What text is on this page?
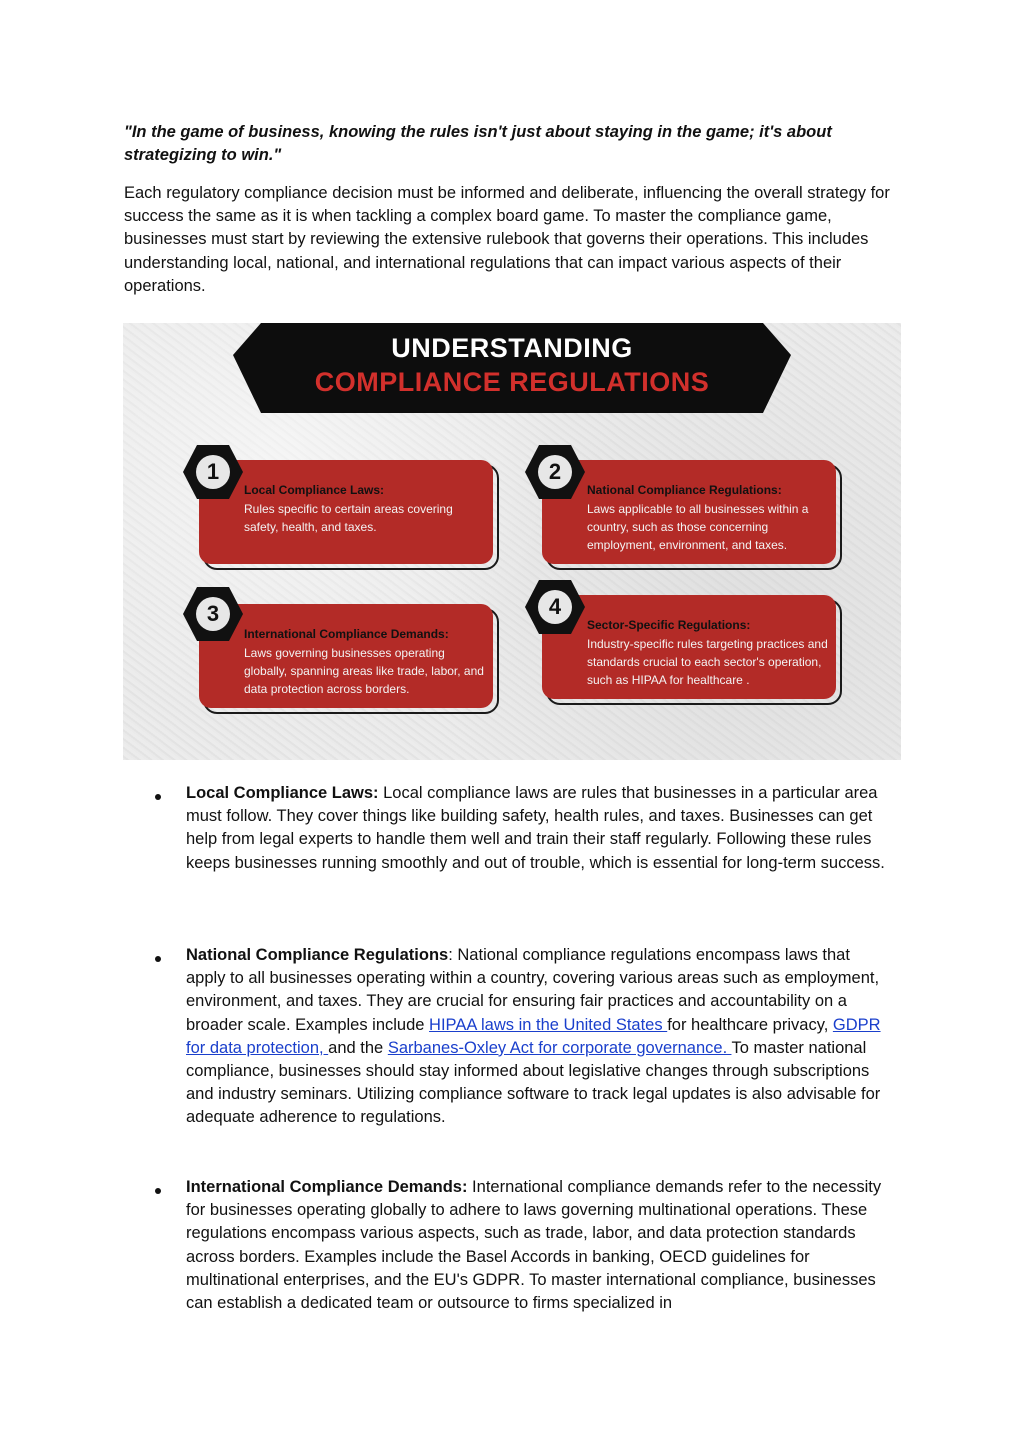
"In the game of business, knowing the rules isn't just about staying in the game; it's about strategizing to win."
Each regulatory compliance decision must be informed and deliberate, influencing the overall strategy for success the same as it is when tackling a complex board game. To master the compliance game, businesses must start by reviewing the extensive rulebook that governs their operations. This includes understanding local, national, and international regulations that can impact various aspects of their operations.
UNDERSTANDING
COMPLIANCE REGULATIONS
Local Compliance Laws:
Rules specific to certain areas covering safety, health, and taxes.
1
National Compliance Regulations:
Laws applicable to all businesses within a country, such as those concerning employment, environment, and taxes.
2
International Compliance Demands:
Laws governing businesses operating globally, spanning areas like trade, labor, and data protection across borders.
3	Sector-Specific Regulations:
Industry-specific rules targeting practices and standards crucial to each sector's operation, such as HIPAA for healthcare .
4
Local Compliance Laws: Local compliance laws are rules that businesses in a particular area must follow. They cover things like building safety, health rules, and taxes. Businesses can get help from legal experts to handle them well and train their staff regularly. Following these rules keeps businesses running smoothly and out of trouble, which is essential for long-term success.
National Compliance Regulations: National compliance regulations encompass laws that apply to all businesses operating within a country, covering various areas such as employment, environment, and taxes. They are crucial for ensuring fair practices and accountability on a broader scale. Examples include HIPAA laws in the United States for healthcare privacy, GDPR for data protection, and the Sarbanes-Oxley Act for corporate governance. To master national compliance, businesses should stay informed about legislative changes through subscriptions and industry seminars. Utilizing compliance software to track legal updates is also advisable for adequate adherence to regulations.
International Compliance Demands: International compliance demands refer to the necessity for businesses operating globally to adhere to laws governing multinational operations. These regulations encompass various aspects, such as trade, labor, and data protection standards across borders. Examples include the Basel Accords in banking, OECD guidelines for multinational enterprises, and the EU's GDPR. To master international compliance, businesses can establish a dedicated team or outsource to firms specialized in
